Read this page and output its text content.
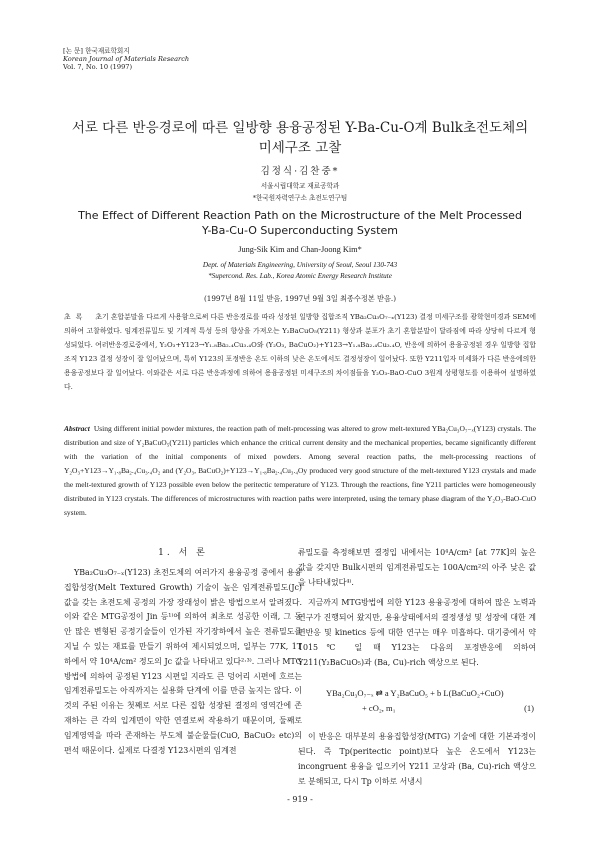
[논 문] 한국재료학회지
Korean Journal of Materials Research
Vol. 7, No. 10 (1997)
서로 다른 반응경로에 따른 일방향 용융공정된 Y-Ba-Cu-O계 Bulk초전도체의
미세구조 고찰
김정식·김찬중*
서울시립대학교 재료공학과
*한국원자력연구소 초전도연구팀
The Effect of Different Reaction Path on the Microstructure of the Melt Processed
Y-Ba-Cu-O Superconducting System
Jung-Sik Kim and Chan-Joong Kim*
Dept. of Materials Engineering, University of Seoul, Seoul 130-743
*Supercond. Res. Lab., Korea Atomic Energy Research Institute
(1997년 8월 11일 받음, 1997년 9월 3일 최종수정본 받음.)
초록 초기 혼합분말을 다르게 사용함으로써 다른 반응경로를 따라 성장된 일방향 집합조직 YBa₂Cu₃O₇₋ₓ(Y123) 결정 미세구조를 광학현미경과 SEM에 의하여 고찰하였다. 임계전류밀도 및 기계적 특성 등의 향상을 가져오는 Y₂BaCuO₅(Y211) 형상과 분포가 초기 혼합분말이 달라짐에 따라 상당히 다르게 형성되었다. 여러반응경로중에서, Y₂O₃+Y123→Y₁.₈Ba₂.₄Cu₃.₄O와 (Y₂O₃, BaCuO₂)+Y123→Y₁.₈Ba₂.₄Cu₃.₄O, 반응에 의하여 용융공정된 경우 일방향 집합조직 Y123 결정 성장이 잘 일어났으며, 특히 Y123의 포정반응 온도 이하의 낮은 온도에서도 결정성장이 일어났다. 또한 Y211입자 미세화가 다른 반응에의한 용융공정보다 잘 일어났다. 이와같은 서로 다른 반응과정에 의하여 용융공정된 미세구조의 차이점들을 Y₂O₃-BaO-CuO 3원계 상평형도를 이용하여 설명하였다.
Abstract Using different initial powder mixtures, the reaction path of melt-processing was altered to grow melt-textured YBa₂Cu₃O₇₋ₓ(Y123) crystals. The distribution and size of Y₂BaCuO₅(Y211) particles which enhance the critical current density and the mechanical properties, became significantly different with the variation of the initial components of mixed powders. Among several reaction paths, the melt-processing reactions of Y₂O₃+Y123→Y₁.₈Ba₂.₄Cu₃.₄O₂ and (Y₂O₃, BaCuO₂)+Y123→Y₁.₈Ba₂.₄Cu₃.₄Oy produced very good structure of the melt-textured Y123 crystals and made the melt-textured growth of Y123 possible even below the peritectic temperature of Y123. Through the reactions, fine Y211 particles were homogeneously distributed in Y123 crystals. The differences of microstructures with reaction paths were interpreted, using the ternary phase diagram of the Y₂O₃-BaO-CuO system.
1. 서 론

YBa₂Cu₃O₇₋ₓ(Y123) 초전도체의 여러가지 용융공정 중에서 용융집합성장(Melt Textured Growth) 기술이 높은 임계전류밀도(Jc) 값을 갖는 초전도체 공정의 가장 장래성이 밝은 방법으로서 알려졌다. 이와 같은 MTG공정이 Jin 등¹⁾에 의하여 최초로 성공한 이래, 그 동안 많은 변형된 공정기술들이 인가된 자기장하에서 높은 전류밀도를 지닐 수 있는 재료를 만들기 위하여 제시되었으며, 일부는 77K, 1T 하에서 약 10⁴A/cm² 정도의 Jc 값을 나타내고 있다²·³⁾. 그러나 MTG 방법에 의하여 공정된 Y123 시편일 지라도 큰 덩어리 시편에 흐르는 임계전류밀도는 아직까지는 실용화 단계에 이를 만큼 높지는 않다. 이것의 주된 이유는 첫째로 서로 다른 집합 성장된 결정의 영역간에 존재하는 큰 각의 입계면이 약한 연결로써 작용하기 때문이며, 둘째로 임계영역을 따라 존재하는 부도체 불순물들(CuO, BaCuO₂ etc)의 편석 때문이다. 실제로 다결정 Y123시편의 임계전

류밀도를 측정해보면 결정입 내에서는 10⁴A/cm² [at 77K]의 높은 값을 갖지만 Bulk시편의 임계전류밀도는 100A/cm²의 아주 낮은 값을 나타내었다⁴⁾.

지금까지 MTG방법에 의한 Y123 용융공정에 대하여 많은 노력과 연구가 진행되어 왔지만, 용융상태에서의 결정생성 및 성장에 대한 계면반응 및 kinetics 등에 대한 연구는 매우 미흡하다. 대기중에서 약 1015℃ 일 때 Y123는 다음의 포정반응에 의하여 Y211(Y₂BaCuO₅)과 (Ba, Cu)-rich 액상으로 된다.

YBa₂Cu₃O₇₋ₓ ⇄ a Y₂BaCuO₅ + b L(BaCuO₂+CuO)
+ cO₂, m₁	(1)

이 반응은 대부분의 용융집합성장(MTG) 기술에 대한 기본과정이 된다. 즉 Tp(peritectic point)보다 높은 온도에서 Y123는 incongruent 용융을 일으키어 Y211 고상과 (Ba, Cu)-rich 액상으로 분해되고, 다시 Tp 이하로 서냉시

- 919 -
